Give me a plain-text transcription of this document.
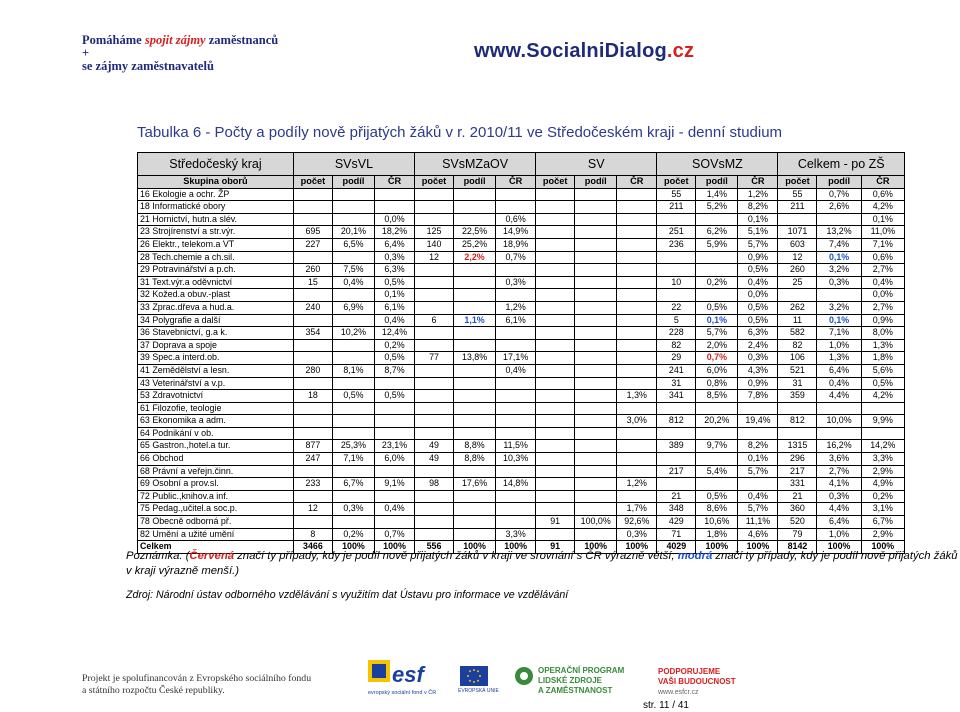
Pomáháme spojit zájmy zaměstnanců
+
se zájmy zaměstnavatelů
www.SocialniDialog.cz
Tabulka 6 - Počty a podíly nově přijatých žáků v r. 2010/11 ve Středočeském kraji - denní studium
Středočeský kraj	SVsVL			SVsMZaOV			SV			SOVsMZ			Celkem - po ZŠ		
Skupina oborů	počet	podíl	ČR	počet	podíl	ČR	počet	podíl	ČR	počet	podíl	ČR	počet	podíl	ČR
16 Ekologie a ochr. ŽP										55	1,4%	1,2%	55	0,7%	0,6%
18 Informatické obory										211	5,2%	8,2%	211	2,6%	4,2%
21 Hornictví, hutn.a slév.			0,0%			0,6%						0,1%			0,1%
23 Strojírenství a str.výr.	695	20,1%	18,2%	125	22,5%	14,9%				251	6,2%	5,1%	1071	13,2%	11,0%
26 Elektr., telekom.a VT	227	6,5%	6,4%	140	25,2%	18,9%				236	5,9%	5,7%	603	7,4%	7,1%
28 Tech.chemie a ch.sil.			0,3%	12	2,2%	0,7%						0,9%	12	0,1%	0,6%
29 Potravinářství a p.ch.	260	7,5%	6,3%									0,5%	260	3,2%	2,7%
31 Text.výr.a oděvnictví	15	0,4%	0,5%			0,3%				10	0,2%	0,4%	25	0,3%	0,4%
32 Kožed.a obuv.-plast			0,1%									0,0%			0,0%
33 Zprac.dřeva a hud.a.	240	6,9%	6,1%			1,2%				22	0,5%	0,5%	262	3,2%	2,7%
34 Polygrafie a další			0,4%	6	1,1%	6,1%				5	0,1%	0,5%	11	0,1%	0,9%
36 Stavebnictví, g.a k.	354	10,2%	12,4%							228	5,7%	6,3%	582	7,1%	8,0%
37 Doprava a spoje			0,2%							82	2,0%	2,4%	82	1,0%	1,3%
39 Spec.a interd.ob.			0,5%	77	13,8%	17,1%				29	0,7%	0,3%	106	1,3%	1,8%
41 Zemědělství a lesn.	280	8,1%	8,7%			0,4%				241	6,0%	4,3%	521	6,4%	5,6%
43 Veterinářství a v.p.										31	0,8%	0,9%	31	0,4%	0,5%
53 Zdravotnictví	18	0,5%	0,5%						1,3%	341	8,5%	7,8%	359	4,4%	4,2%
61 Filozofie, teologie															
63 Ekonomika a adm.									3,0%	812	20,2%	19,4%	812	10,0%	9,9%
64 Podnikání v ob.															
65 Gastron.,hotel.a tur.	877	25,3%	23,1%	49	8,8%	11,5%				389	9,7%	8,2%	1315	16,2%	14,2%
66 Obchod	247	7,1%	6,0%	49	8,8%	10,3%						0,1%	296	3,6%	3,3%
68 Právní a veřejn.činn.										217	5,4%	5,7%	217	2,7%	2,9%
69 Osobní a prov.sl.	233	6,7%	9,1%	98	17,6%	14,8%			1,2%				331	4,1%	4,9%
72 Public.,knihov.a inf.										21	0,5%	0,4%	21	0,3%	0,2%
75 Pedag.,učitel.a soc.p.	12	0,3%	0,4%						1,7%	348	8,6%	5,7%	360	4,4%	3,1%
78 Obecně odborná př.							91	100,0%	92,6%	429	10,6%	11,1%	520	6,4%	6,7%
82 Umění a užité umění	8	0,2%	0,7%			3,3%			0,3%	71	1,8%	4,6%	79	1,0%	2,9%
Celkem	3466	100%	100%	556	100%	100%	91	100%	100%	4029	100%	100%	8142	100%	100%
Poznámka: (Červená značí ty případy, kdy je podíl nově přijatých žáků v kraji ve srovnání s ČR výrazně větší; modrá značí ty případy, kdy je podíl nově přijatých žáků v kraji výrazně menší.)
Zdroj: Národní ústav odborného vzdělávání s využitím dat Ústavu pro informace ve vzdělávání
Projekt je spolufinancován z Evropského sociálního fondu
a státního rozpočtu České republiky.
esf
evropský sociální fond v ČR	EVROPSKÁ UNIE
OPERAČNÍ PROGRAM
LIDSKÉ ZDROJE
A ZAMĚSTNANOST
PODPORUJEME
VAŠI BUDOUCNOST
www.esfcr.cz
str. 11 / 41
